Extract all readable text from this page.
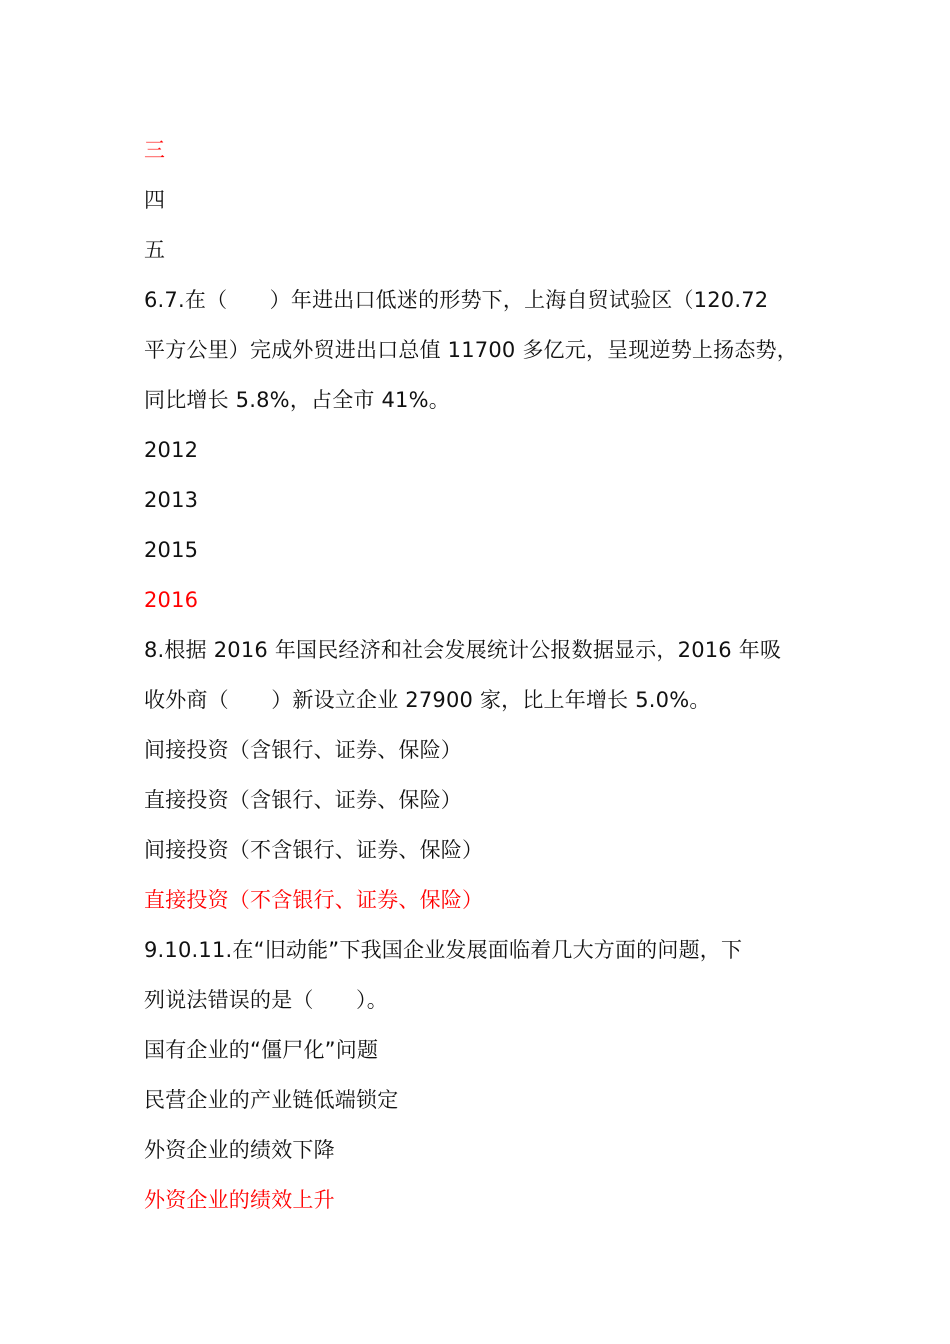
三

四

五

6.7.在（　　）年进出口低迷的形势下，上海自贸试验区（120.72

平方公里）完成外贸进出口总值 11700 多亿元，呈现逆势上扬态势，

同比增长 5.8%，占全市 41%。

2012

2013

2015

2016

8.根据 2016 年国民经济和社会发展统计公报数据显示，2016 年吸

收外商（　　）新设立企业 27900 家，比上年增长 5.0%。

间接投资（含银行、证券、保险）

直接投资（含银行、证券、保险）

间接投资（不含银行、证券、保险）

直接投资（不含银行、证券、保险）

9.10.11.在“旧动能”下我国企业发展面临着几大方面的问题，下

列说法错误的是（　　）。

国有企业的“僵尸化”问题

民营企业的产业链低端锁定

外资企业的绩效下降

外资企业的绩效上升
